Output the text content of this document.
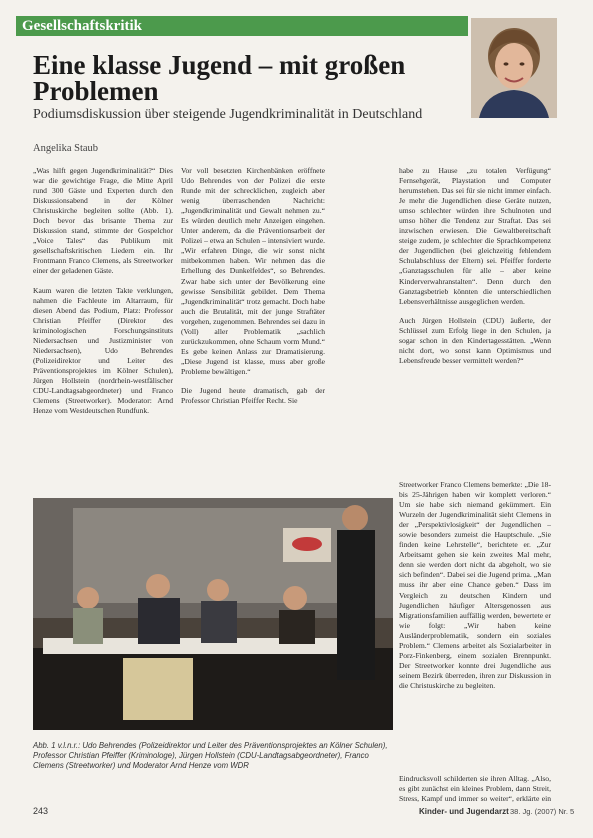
Gesellschaftskritik
Eine klasse Jugend – mit großen Problemen
Podiumsdiskussion über steigende Jugendkriminalität in Deutschland
Angelika Staub

„Was hilft gegen Jugendkriminalität?“ Dies war die gewichtige Frage, die Mitte April rund 300 Gäste und Experten durch den Diskussionsabend in der Kölner Christuskirche begleiten sollte (Abb. 1). Doch bevor das brisante Thema zur Diskussion stand, stimmte der Gospelchor „Voice Tales“ das Publikum mit gesellschaftskritischen Liedern ein. Ihr Frontmann Franco Clemens, als Streetworker einer der geladenen Gäste.

Kaum waren die letzten Takte verklungen, nahmen die Fachleute im Altarraum, für diesen Abend das Podium, Platz: Professor Christian Pfeiffer (Direktor des kriminologischen Forschungsinstituts Niedersachsen und Justizminister von Niedersachsen), Udo Behrendes (Polizeidirektor und Leiter des Präventionsprojektes im Kölner Schulen), Jürgen Hollstein (nordrhein-westfälischer CDU-Landtagsabgeordneter) und Franco Clemens (Streetworker). Moderator: Arnd Henze vom Westdeutschen Rundfunk.

Vor voll besetzten Kirchenbänken eröffnete Udo Behrendes von der Polizei die erste Runde mit der schrecklichen, zugleich aber wenig überraschenden Nachricht: „Jugendkriminalität und Gewalt nehmen zu.“ Es würden deutlich mehr Anzeigen eingehen. Unter anderem, da die Präventionsarbeit der Polizei – etwa an Schulen – intensiviert wurde. „Wir erfahren Dinge, die wir sonst nicht mitbekommen haben. Wir nehmen das die Erhellung des Dunkelfeldes“, so Behrendes. Zwar habe sich unter der Bevölkerung eine gewisse Sensibilität gebildet. Dem Thema „Jugendkriminalität“ trotz gemacht. Doch habe auch die Brutalität, mit der junge Straftäter vorgehen, zugenommen. Behrendes sei dazu in (Voll) aller Problematik „sachlich zurückzukommen, ohne Schaum vorm Mund.“ Es gebe keinen Anlass zur Dramatisierung. „Diese Jugend ist klasse, muss aber große Probleme bewältigen.“

Die Jugend heute dramatisch, gab der Professor Christian Pfeiffer Recht. Sie

habe zu Hause „zu totalen Verfügung“ Fernsehgerät, Playstation und Computer herumstehen. Das sei für sie nicht immer einfach. Je mehr die Jugendlichen diese Geräte nutzen, umso schlechter würden ihre Schulnoten und umso höher die Tendenz zur Straftat. Das sei inzwischen erwiesen. Die Gewaltbereitschaft steige zudem, je schlechter die Sprachkompetenz der Jugendlichen (bei gleichzeitig fehlendem Schulabschluss der Eltern) sei. Pfeiffer forderte „Ganztagsschulen für alle – aber keine Kinderverwahranstalten“. Denn durch den Ganztagsbetrieb könnten die unterschiedlichen Lebensverhältnisse ausgeglichen werden.

Auch Jürgen Hollstein (CDU) äußerte, der Schlüssel zum Erfolg liege in den Schulen, ja sogar schon in den Kindertagesstätten. „Wenn nicht dort, wo sonst kann Optimismus und Lebensfreude besser vermittelt werden?“

Streetworker Franco Clemens bemerkte: „Die 18- bis 25-Jährigen haben wir komplett verloren.“ Um sie habe sich niemand gekümmert. Ein Wurzeln der Jugendkriminalität sieht Clemens in der „Perspektivlosigkeit“ der Jugendlichen – sowie besonders zumeist die Hauptschule. „Sie finden keine Lehrstelle“, berichtete er. „Zur Arbeitsamt gehen sie kein zweites Mal mehr, denn sie werden dort nicht da abgeholt, wo sie sich befinden“. Dabei sei die Jugend prima. „Man muss ihr aber eine Chance geben.“ Dass im Vergleich zu deutschen Kindern und Jugendlichen häufiger Altersgenossen aus Migrationsfamilien auffällig werden, bewertete er wie folgt: „Wir haben keine Ausländerproblematik, sondern ein soziales Problem.“ Clemens arbeitet als Sozialarbeiter in Porz-Finkenberg, einem sozialen Brennpunkt. Der Streetworker konnte drei Jugendliche aus seinem Bezirk überreden, ihren zur Diskussion in die Christuskirche zu begleiten.

Eindrucksvoll schilderten sie ihren Alltag. „Also, es gibt zunächst ein kleines Problem, dann Streit, Stress, Kampf und immer so weiter“, erklärte ein

Abb. 1 v.l.n.r.: Udo Behrendes (Polizeidirektor und Leiter des Präventionsprojektes an Kölner Schulen), Professor Christian Pfeiffer (Kriminologe), Jürgen Hollstein (CDU-Landtagsabgeordneter), Franco Clemens (Streetworker) und Moderator Arnd Henze vom WDR
243	Kinder- und Jugendarzt 38. Jg. (2007) Nr. 5
